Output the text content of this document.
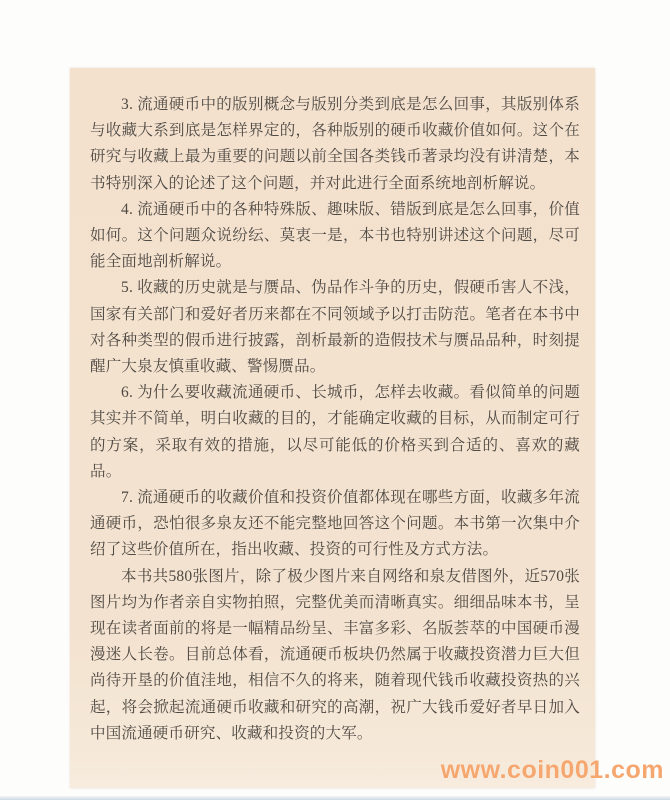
3. 流通硬币中的版别概念与版别分类到底是怎么回事，其版别体系与收藏大系到底是怎样界定的，各种版别的硬币收藏价值如何。这个在研究与收藏上最为重要的问题以前全国各类钱币著录均没有讲清楚，本书特别深入的论述了这个问题，并对此进行全面系统地剖析解说。

4. 流通硬币中的各种特殊版、趣味版、错版到底是怎么回事，价值如何。这个问题众说纷纭、莫衷一是，本书也特别讲述这个问题，尽可能全面地剖析解说。

5. 收藏的历史就是与赝品、伪品作斗争的历史，假硬币害人不浅，国家有关部门和爱好者历来都在不同领域予以打击防范。笔者在本书中对各种类型的假币进行披露，剖析最新的造假技术与赝品品种，时刻提醒广大泉友慎重收藏、警惕赝品。

6. 为什么要收藏流通硬币、长城币，怎样去收藏。看似简单的问题其实并不简单，明白收藏的目的，才能确定收藏的目标，从而制定可行的方案，采取有效的措施，以尽可能低的价格买到合适的、喜欢的藏品。

7. 流通硬币的收藏价值和投资价值都体现在哪些方面，收藏多年流通硬币，恐怕很多泉友还不能完整地回答这个问题。本书第一次集中介绍了这些价值所在，指出收藏、投资的可行性及方式方法。

本书共580张图片，除了极少图片来自网络和泉友借图外，近570张图片均为作者亲自实物拍照，完整优美而清晰真实。细细品味本书，呈现在读者面前的将是一幅精品纷呈、丰富多彩、名版荟萃的中国硬币漫漫迷人长卷。目前总体看，流通硬币板块仍然属于收藏投资潜力巨大但尚待开垦的价值洼地，相信不久的将来，随着现代钱币收藏投资热的兴起，将会掀起流通硬币收藏和研究的高潮，祝广大钱币爱好者早日加入中国流通硬币研究、收藏和投资的大军。

www.coin001.com
